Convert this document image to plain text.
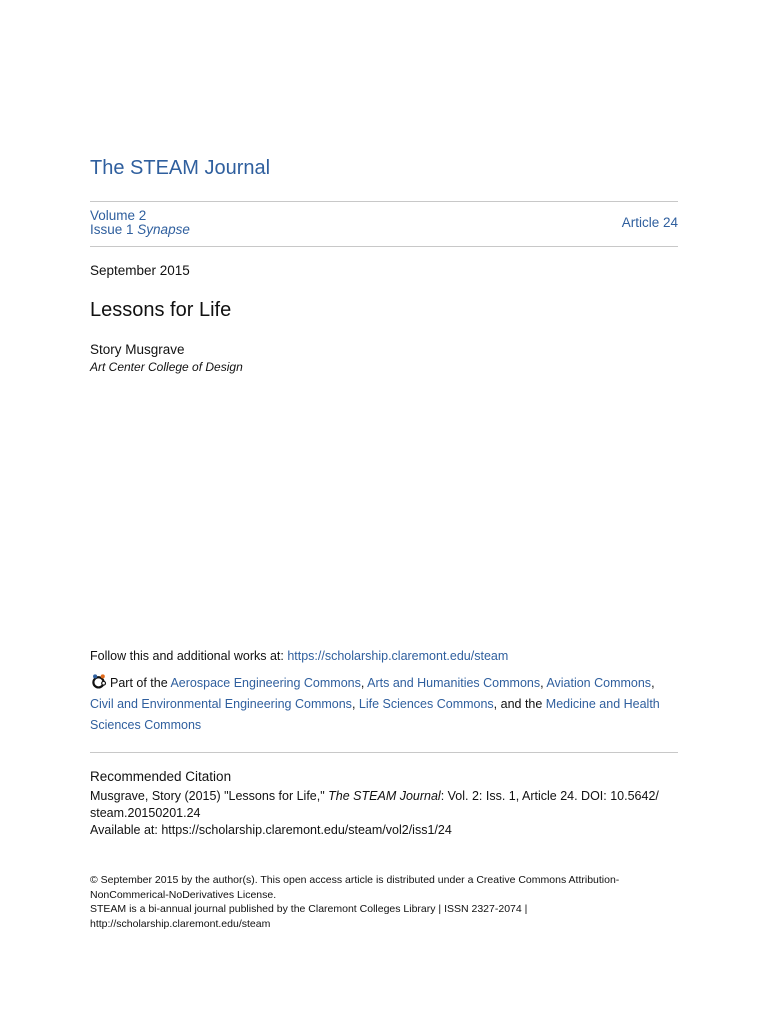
The STEAM Journal
Volume 2
Issue 1 Synapse	Article 24
September 2015
Lessons for Life
Story Musgrave
Art Center College of Design
Follow this and additional works at: https://scholarship.claremont.edu/steam
Part of the Aerospace Engineering Commons, Arts and Humanities Commons, Aviation Commons,
Civil and Environmental Engineering Commons, Life Sciences Commons, and the Medicine and Health Sciences Commons
Recommended Citation
Musgrave, Story (2015) "Lessons for Life," The STEAM Journal: Vol. 2: Iss. 1, Article 24. DOI: 10.5642/ steam.20150201.24
Available at: https://scholarship.claremont.edu/steam/vol2/iss1/24
© September 2015 by the author(s). This open access article is distributed under a Creative Commons Attribution-NonCommerical-NoDerivatives License.
STEAM is a bi-annual journal published by the Claremont Colleges Library | ISSN 2327-2074 | http://scholarship.claremont.edu/steam
